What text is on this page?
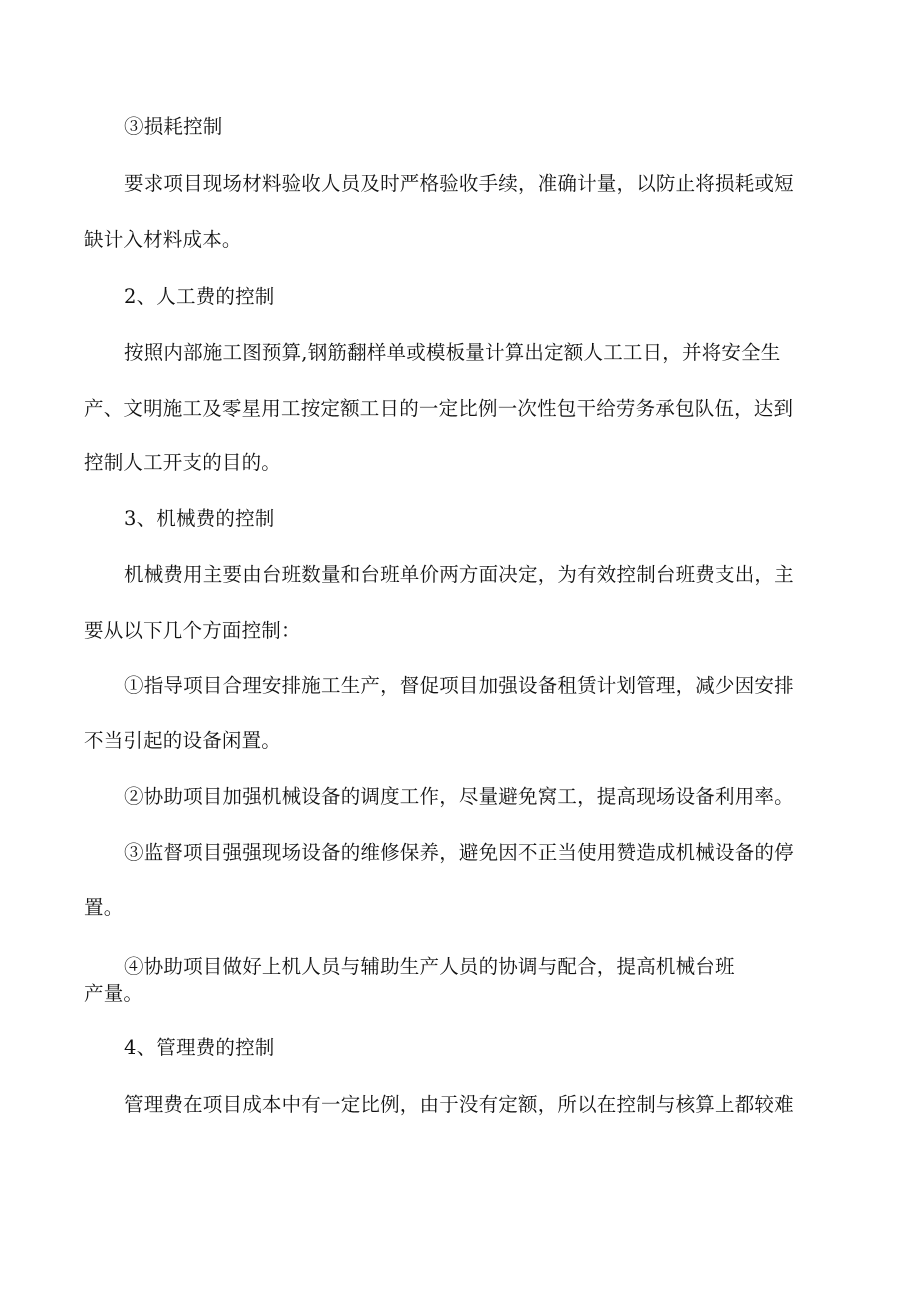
③损耗控制
要求项目现场材料验收人员及时严格验收手续，准确计量，以防止将损耗或短
缺计入材料成本。
2、人工费的控制
按照内部施工图预算,钢筋翻样单或模板量计算出定额人工工日，并将安全生
产、文明施工及零星用工按定额工日的一定比例一次性包干给劳务承包队伍，达到
控制人工开支的目的。
3、机械费的控制
机械费用主要由台班数量和台班单价两方面决定，为有效控制台班费支出，主
要从以下几个方面控制：
①指导项目合理安排施工生产，督促项目加强设备租赁计划管理，减少因安排
不当引起的设备闲置。
②协助项目加强机械设备的调度工作，尽量避免窝工，提高现场设备利用率。
③监督项目强强现场设备的维修保养，避免因不正当使用赞造成机械设备的停
置。
④协助项目做好上机人员与辅助生产人员的协调与配合，提高机械台班
产量。
4、管理费的控制
管理费在项目成本中有一定比例，由于没有定额，所以在控制与核算上都较难
